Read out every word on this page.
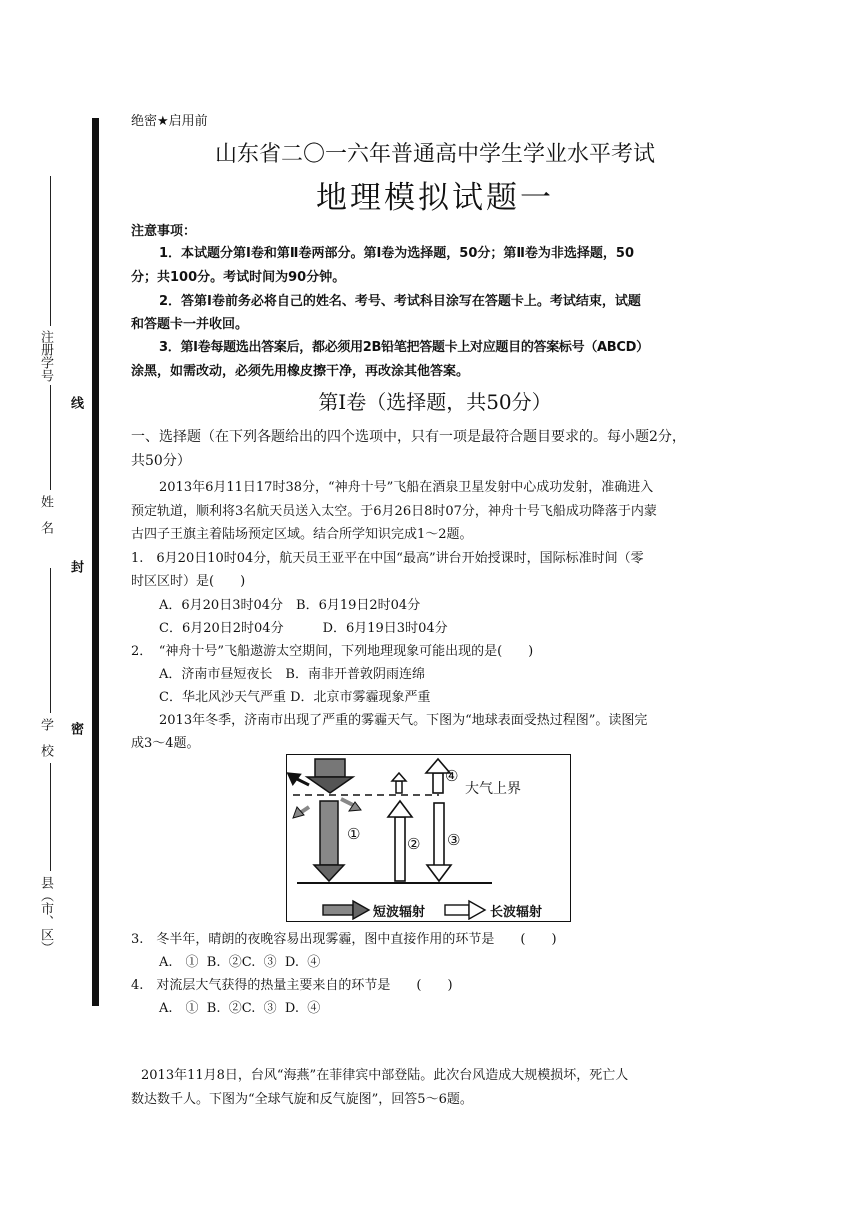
注册学号
姓　名
学　校
县（市、区）
线
封
密
绝密★启用前
山东省二〇一六年普通高中学生学业水平考试
地理模拟试题一
注意事项：
1．本试题分第Ⅰ卷和第Ⅱ卷两部分。第Ⅰ卷为选择题，50分；第Ⅱ卷为非选择题，50
分；共100分。考试时间为90分钟。
2．答第Ⅰ卷前务必将自己的姓名、考号、考试科目涂写在答题卡上。考试结束，试题
和答题卡一并收回。
3．第Ⅰ卷每题选出答案后，都必须用2B铅笔把答题卡上对应题目的答案标号（ABCD）
涂黑，如需改动，必须先用橡皮擦干净，再改涂其他答案。
第Ⅰ卷（选择题，共50分）
一、选择题（在下列各题给出的四个选项中，只有一项是最符合题目要求的。每小题2分，
共50分）
2013年6月11日17时38分，“神舟十号”飞船在酒泉卫星发射中心成功发射，准确进入
预定轨道，顺利将3名航天员送入太空。于6月26日8时07分，神舟十号飞船成功降落于内蒙
古四子王旗主着陆场预定区域。结合所学知识完成1～2题。
1.　6月20日10时04分，航天员王亚平在中国“最高”讲台开始授课时，国际标准时间（零
时区区时）是(　　)
A．6月20日3时04分　B．6月19日2时04分
C．6月20日2时04分　　　D．6月19日3时04分
2．　“神舟十号”飞船遨游太空期间，下列地理现象可能出现的是(　　)
A．济南市昼短夜长　B．南非开普敦阴雨连绵
C．华北风沙天气严重 D．北京市雾霾现象严重
2013年冬季，济南市出现了严重的雾霾天气。下图为“地球表面受热过程图”。读图完
成3～4题。
①
② ③
④
大气上界
短波辐射	长波辐射
3.　冬半年，晴朗的夜晚容易出现雾霾，图中直接作用的环节是　　(　　)
A.　①  B.  ②C.  ③  D.  ④
4.　对流层大气获得的热量主要来自的环节是　　(　　)
A.　①  B.  ②C.  ③  D.  ④
2013年11月8日，台风“海燕”在菲律宾中部登陆。此次台风造成大规模损坏，死亡人
数达数千人。下图为“全球气旋和反气旋图”，回答5～6题。
